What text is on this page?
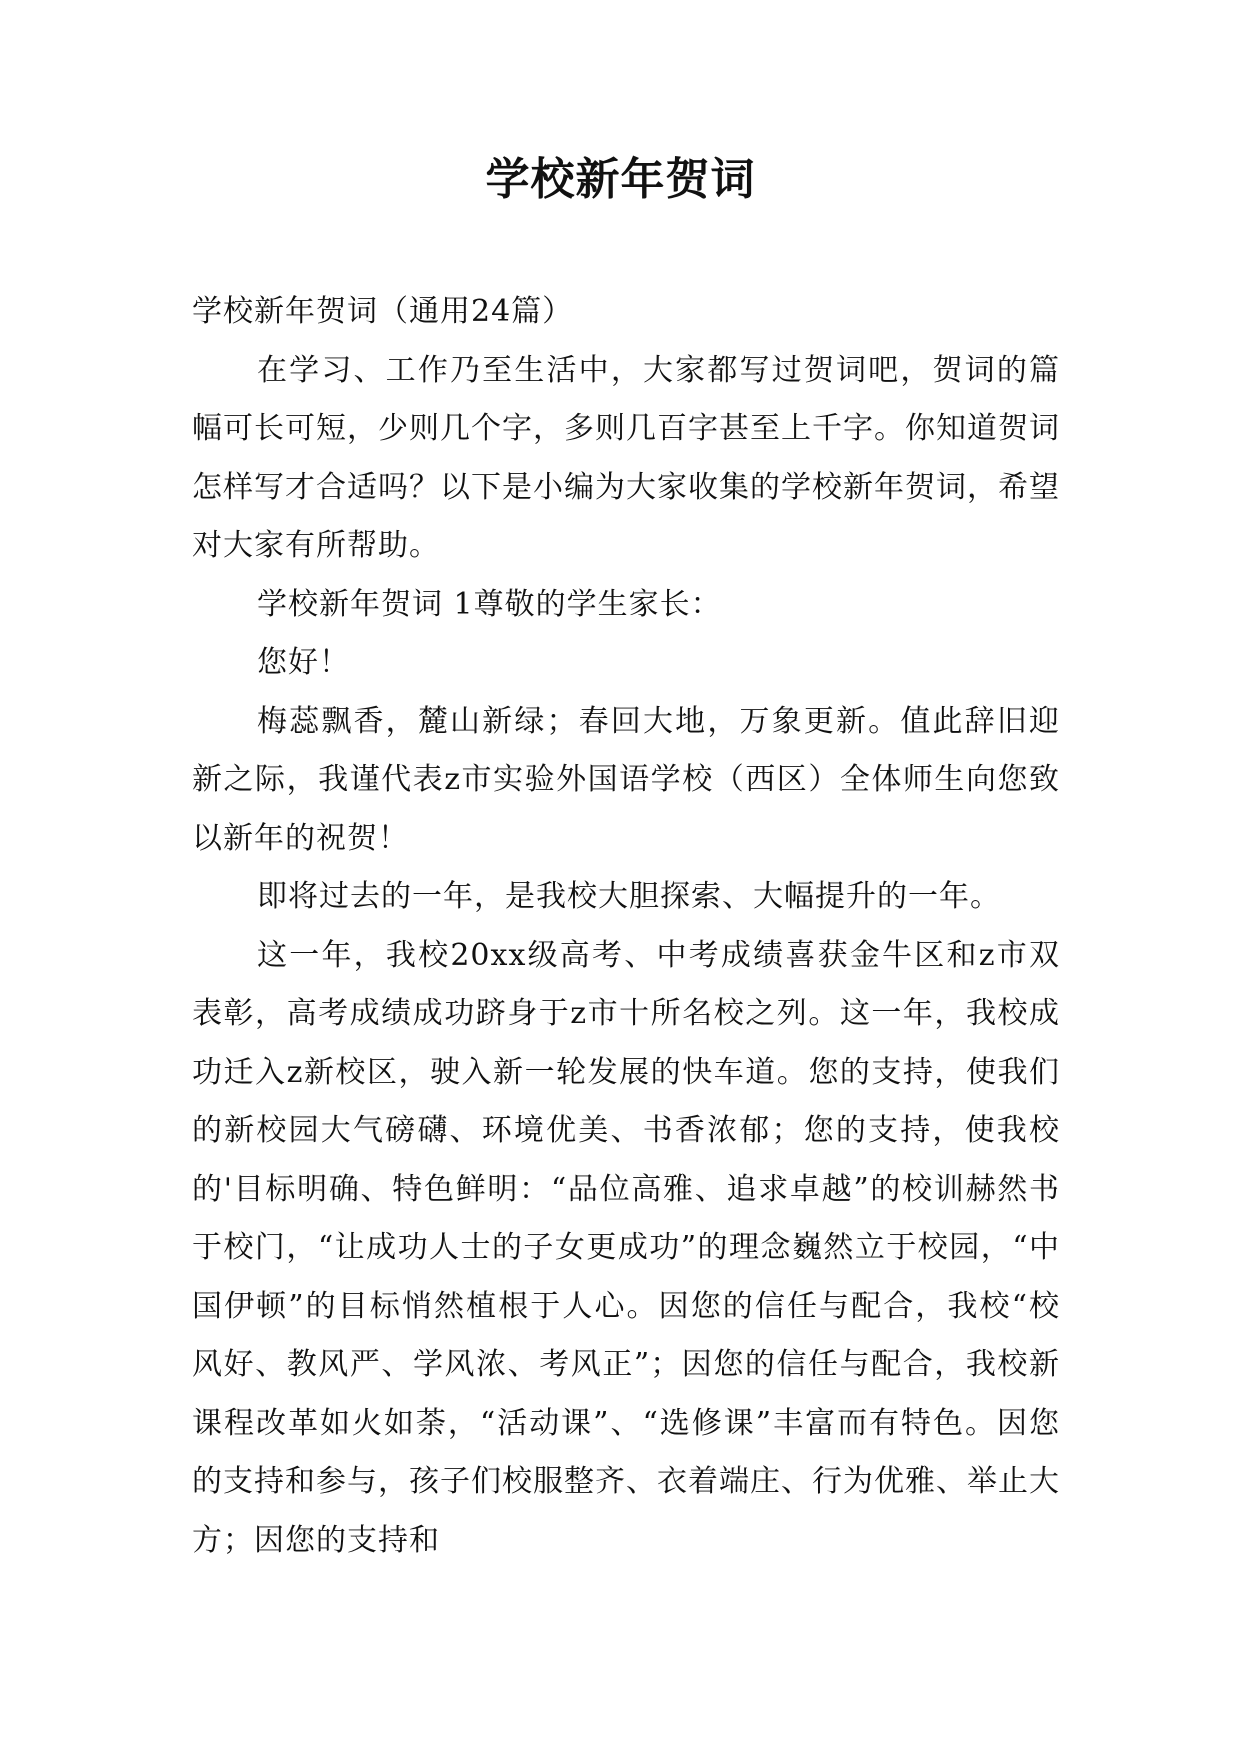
学校新年贺词

学校新年贺词（通用24篇）

在学习、工作乃至生活中，大家都写过贺词吧，贺词的篇幅可长可短，少则几个字，多则几百字甚至上千字。你知道贺词怎样写才合适吗？以下是小编为大家收集的学校新年贺词，希望对大家有所帮助。

学校新年贺词 1尊敬的学生家长：

您好！

梅蕊飘香，麓山新绿；春回大地，万象更新。值此辞旧迎新之际，我谨代表z市实验外国语学校（西区）全体师生向您致以新年的祝贺！

即将过去的一年，是我校大胆探索、大幅提升的一年。

这一年，我校20xx级高考、中考成绩喜获金牛区和z市双表彰，高考成绩成功跻身于z市十所名校之列。这一年，我校成功迁入z新校区，驶入新一轮发展的快车道。您的支持，使我们的新校园大气磅礴、环境优美、书香浓郁；您的支持，使我校的'目标明确、特色鲜明：“品位高雅、追求卓越”的校训赫然书于校门，“让成功人士的子女更成功”的理念巍然立于校园，“中国伊顿”的目标悄然植根于人心。因您的信任与配合，我校“校风好、教风严、学风浓、考风正”；因您的信任与配合，我校新课程改革如火如荼，“活动课”、“选修课”丰富而有特色。因您的支持和参与，孩子们校服整齐、衣着端庄、行为优雅、举止大方；因您的支持和
